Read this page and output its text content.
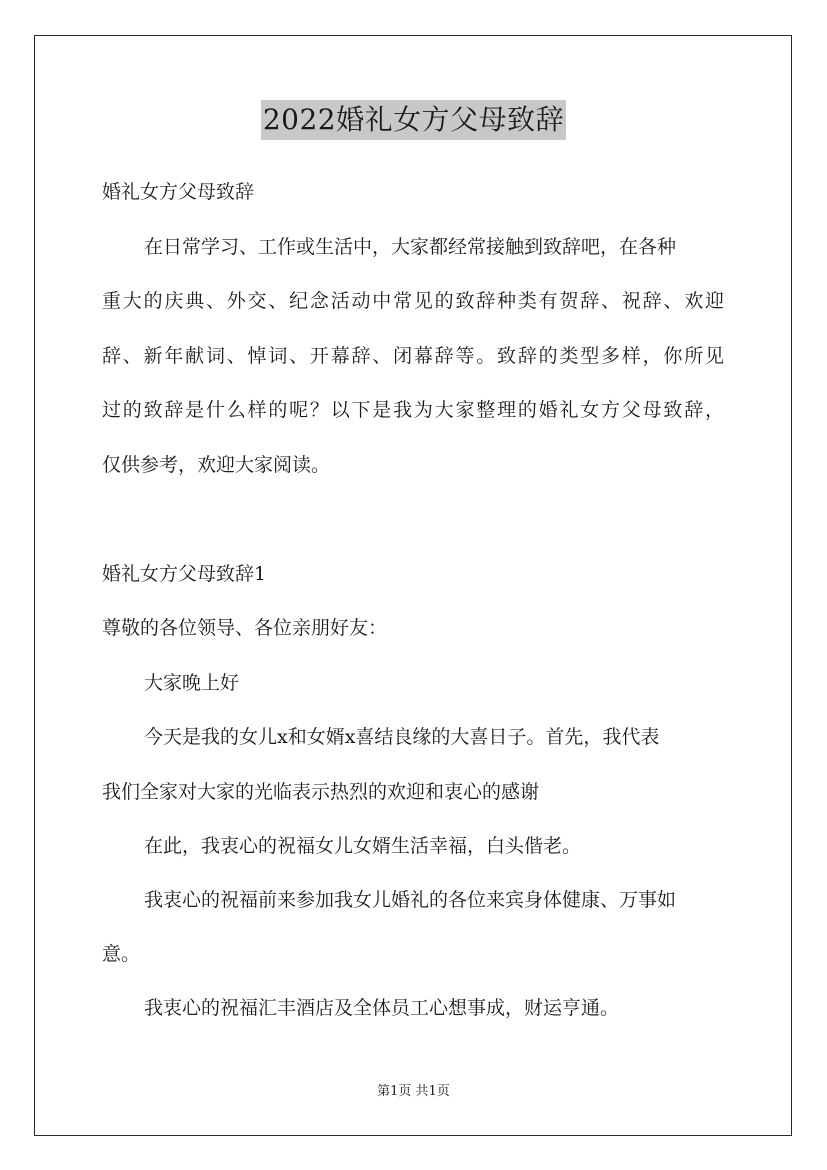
2022婚礼女方父母致辞
婚礼女方父母致辞
在日常学习、工作或生活中，大家都经常接触到致辞吧，在各种
重大的庆典、外交、纪念活动中常见的致辞种类有贺辞、祝辞、欢迎
辞、新年献词、悼词、开幕辞、闭幕辞等。致辞的类型多样，你所见
过的致辞是什么样的呢？以下是我为大家整理的婚礼女方父母致辞，
仅供参考，欢迎大家阅读。
婚礼女方父母致辞1
尊敬的各位领导、各位亲朋好友：
大家晚上好
今天是我的女儿x和女婿x喜结良缘的大喜日子。首先，我代表
我们全家对大家的光临表示热烈的欢迎和衷心的感谢
在此，我衷心的祝福女儿女婿生活幸福，白头偕老。
我衷心的祝福前来参加我女儿婚礼的各位来宾身体健康、万事如
意。
我衷心的祝福汇丰酒店及全体员工心想事成，财运亨通。
第1页 共1页
